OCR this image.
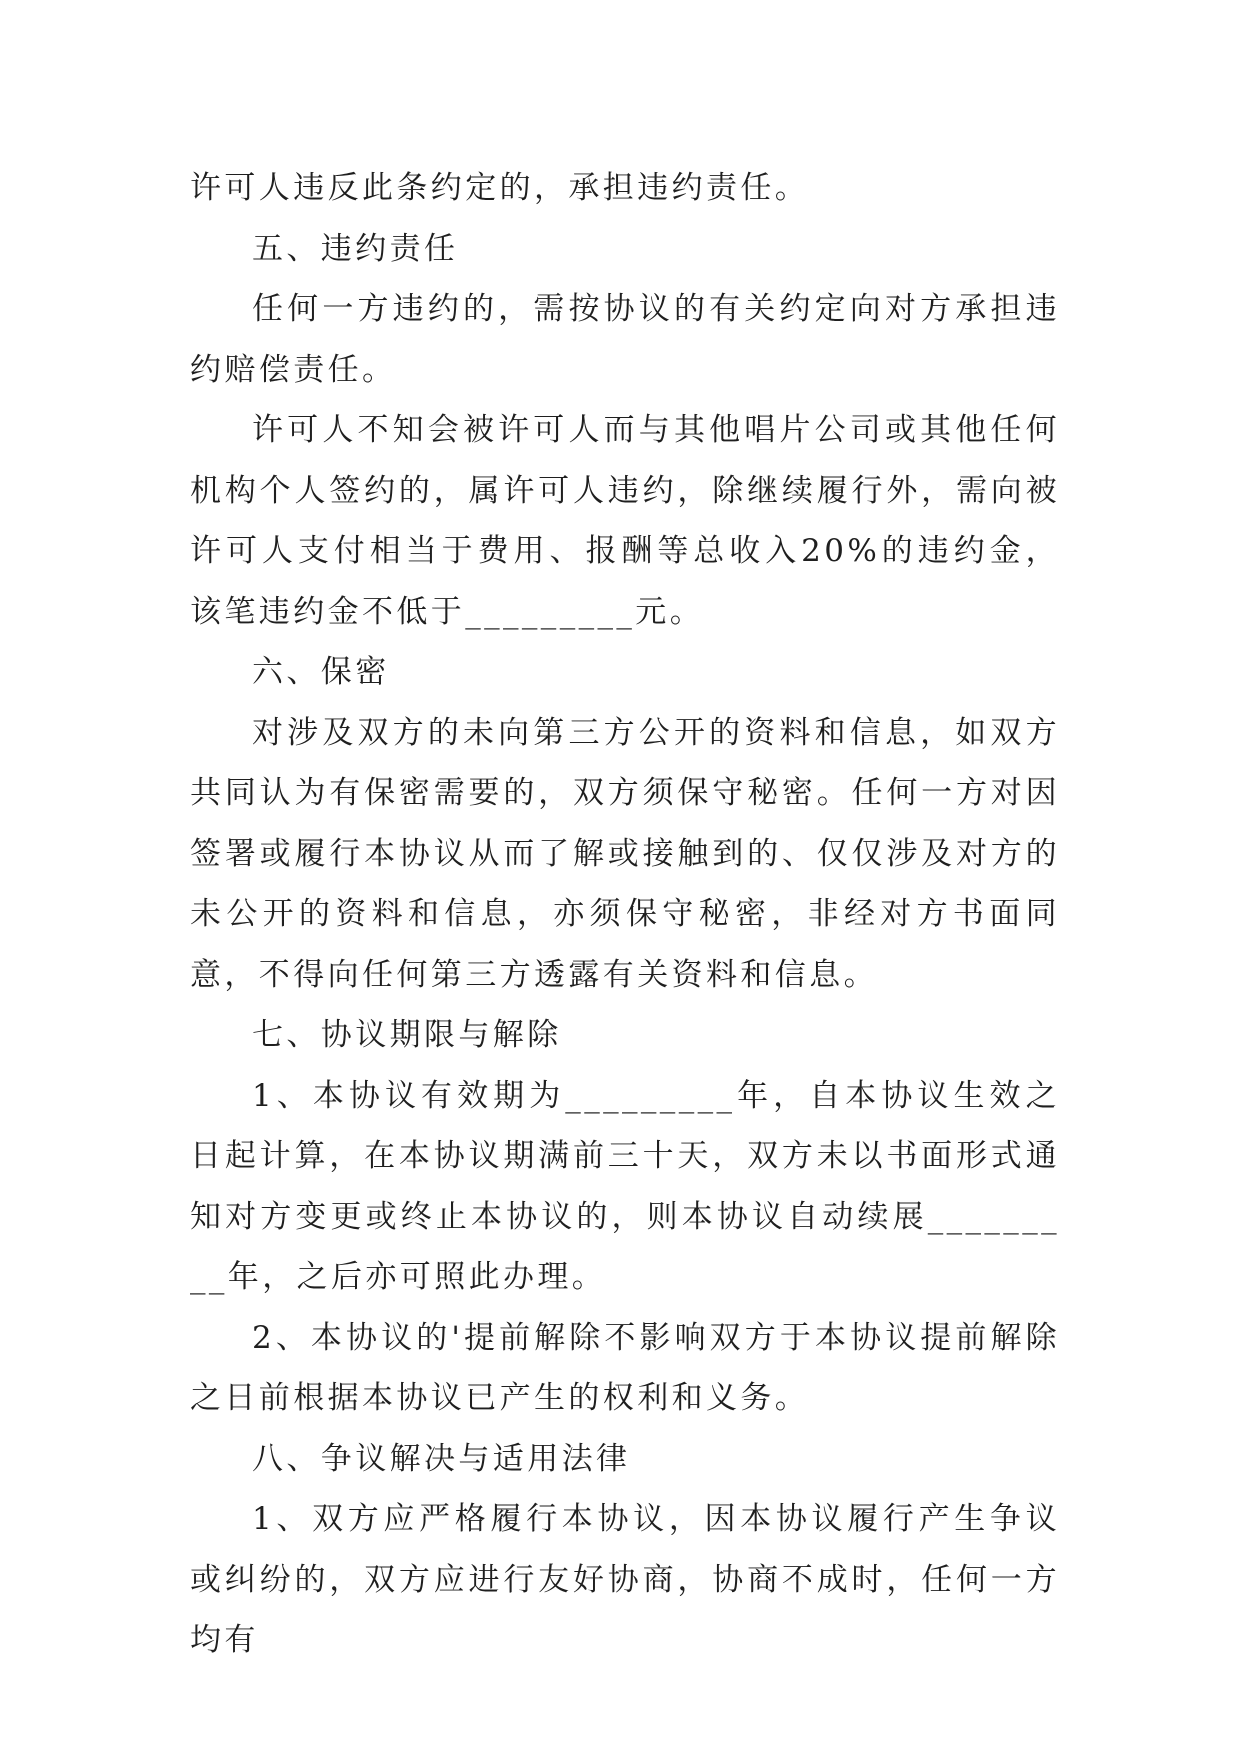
许可人违反此条约定的，承担违约责任。

五、违约责任

任何一方违约的，需按协议的有关约定向对方承担违约赔偿责任。

许可人不知会被许可人而与其他唱片公司或其他任何机构个人签约的，属许可人违约，除继续履行外，需向被许可人支付相当于费用、报酬等总收入20%的违约金，该笔违约金不低于_________元。

六、保密

对涉及双方的未向第三方公开的资料和信息，如双方共同认为有保密需要的，双方须保守秘密。任何一方对因签署或履行本协议从而了解或接触到的、仅仅涉及对方的未公开的资料和信息，亦须保守秘密，非经对方书面同意，不得向任何第三方透露有关资料和信息。

七、协议期限与解除

1、本协议有效期为_________年，自本协议生效之日起计算，在本协议期满前三十天，双方未以书面形式通知对方变更或终止本协议的，则本协议自动续展_________年，之后亦可照此办理。

2、本协议的'提前解除不影响双方于本协议提前解除之日前根据本协议已产生的权利和义务。

八、争议解决与适用法律

1、双方应严格履行本协议，因本协议履行产生争议或纠纷的，双方应进行友好协商，协商不成时，任何一方均有
